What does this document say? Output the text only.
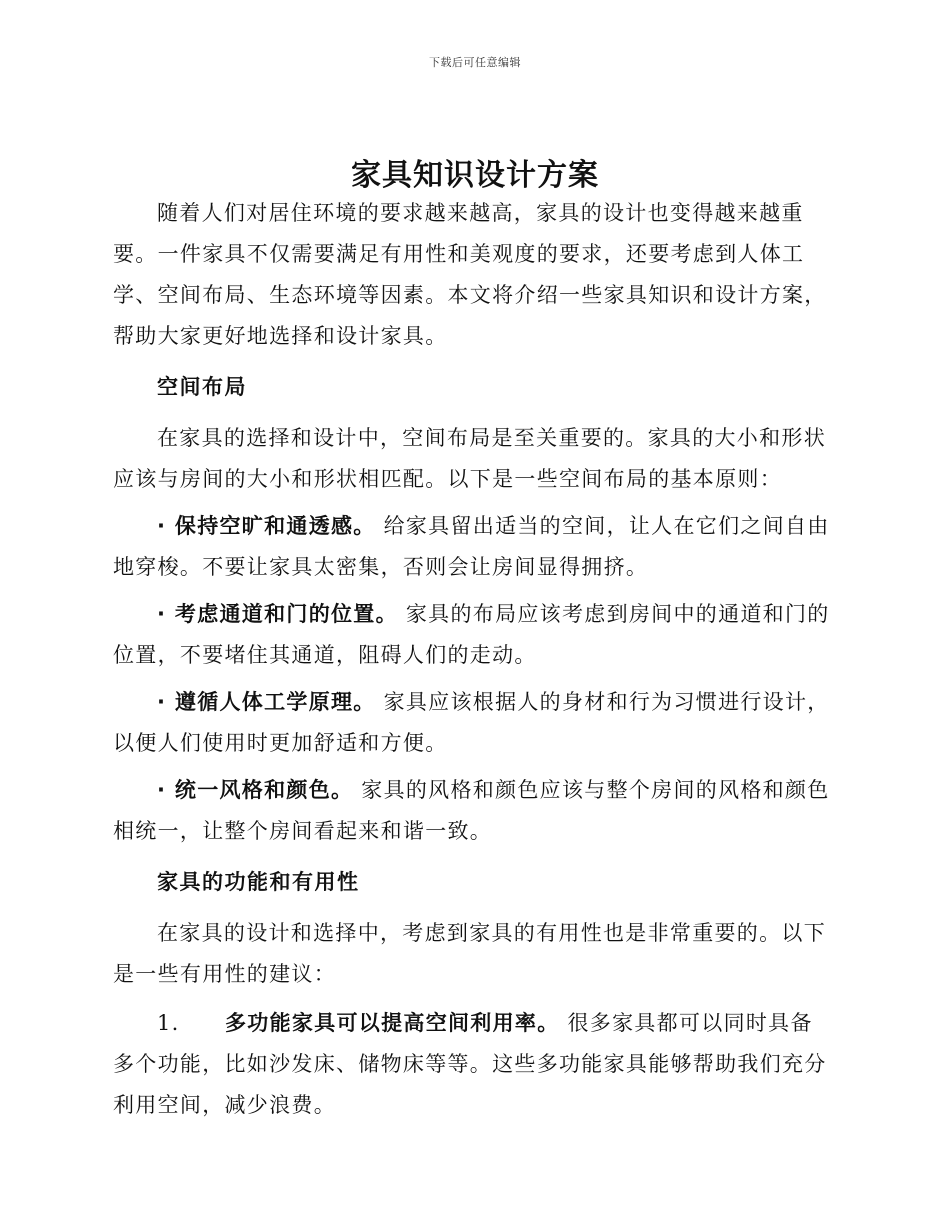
下载后可任意编辑
家具知识设计方案

随着人们对居住环境的要求越来越高，家具的设计也变得越来越重要。一件家具不仅需要满足有用性和美观度的要求，还要考虑到人体工学、空间布局、生态环境等因素。本文将介绍一些家具知识和设计方案，帮助大家更好地选择和设计家具。

空间布局

在家具的选择和设计中，空间布局是至关重要的。家具的大小和形状应该与房间的大小和形状相匹配。以下是一些空间布局的基本原则：

· 保持空旷和通透感。 给家具留出适当的空间，让人在它们之间自由地穿梭。不要让家具太密集，否则会让房间显得拥挤。

· 考虑通道和门的位置。 家具的布局应该考虑到房间中的通道和门的位置，不要堵住其通道，阻碍人们的走动。

· 遵循人体工学原理。 家具应该根据人的身材和行为习惯进行设计，以便人们使用时更加舒适和方便。

· 统一风格和颜色。 家具的风格和颜色应该与整个房间的风格和颜色相统一，让整个房间看起来和谐一致。

家具的功能和有用性

在家具的设计和选择中，考虑到家具的有用性也是非常重要的。以下是一些有用性的建议：

1. 多功能家具可以提高空间利用率。 很多家具都可以同时具备多个功能，比如沙发床、储物床等等。这些多功能家具能够帮助我们充分利用空间，减少浪费。
